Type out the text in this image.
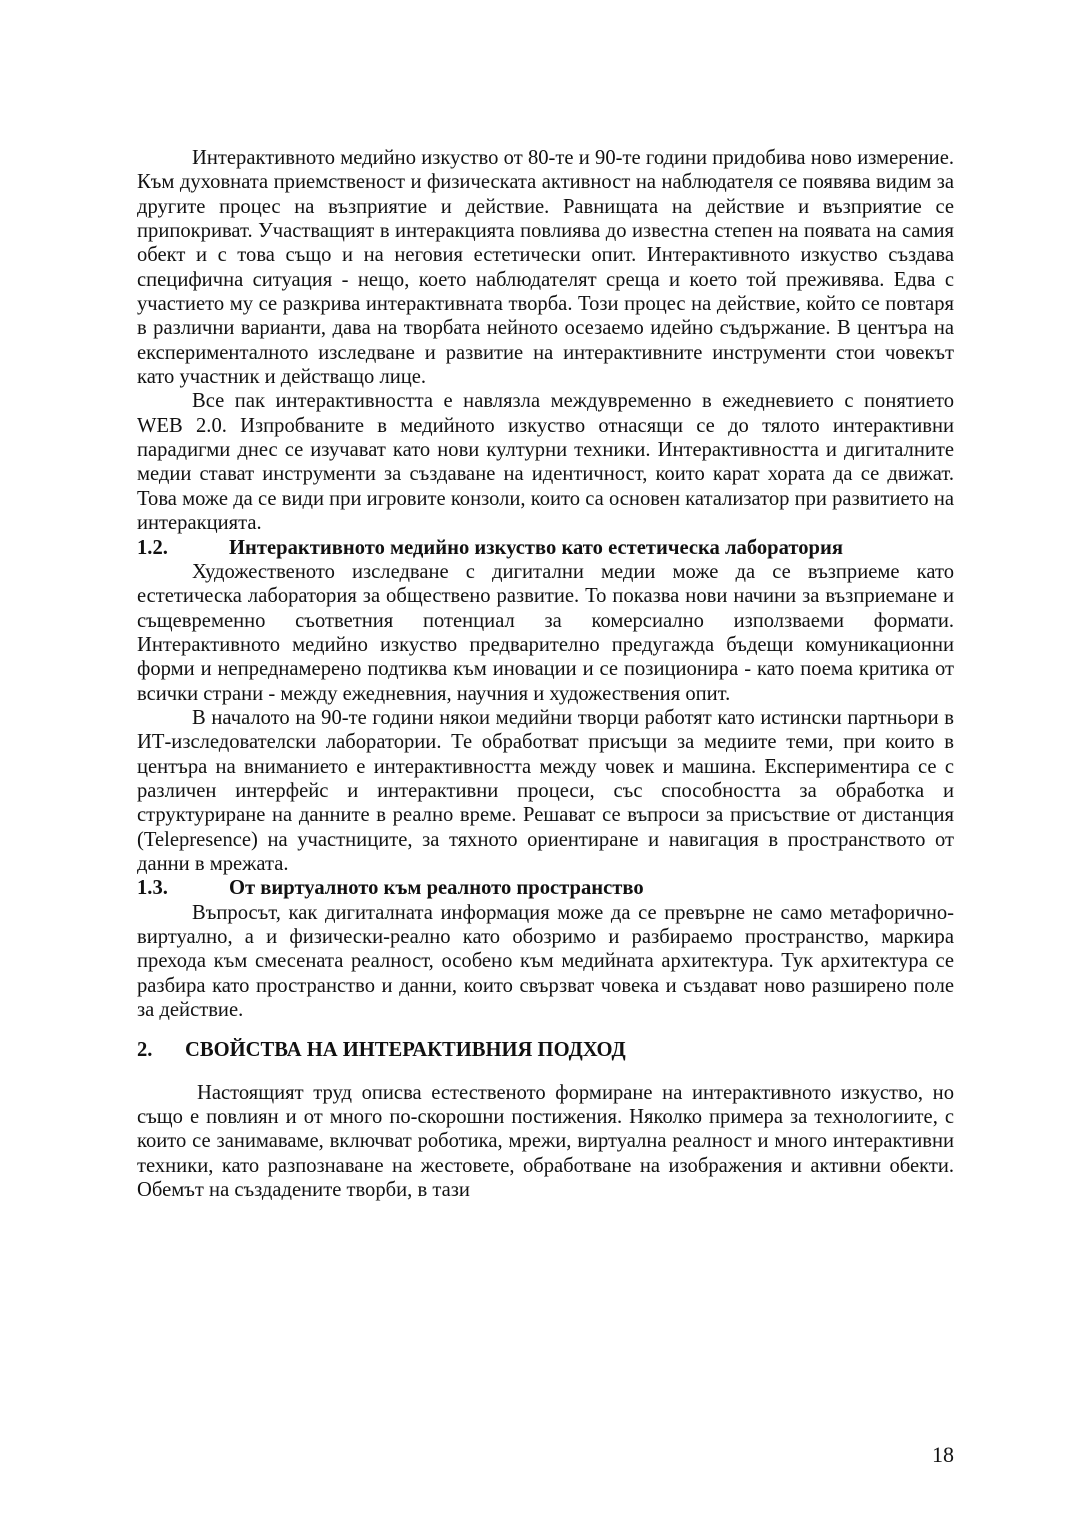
Интерактивното медийно изкуство от 80-те и 90-те години придобива ново измерение. Към духовната приемственост и физическата активност на наблюдателя се появява видим за другите процес на възприятие и действие. Равнищата на действие и възприятие се припокриват. Участващият в интеракцията повлиява до известна степен на появата на самия обект и с това също и на неговия естетически опит. Интерактивното изкуство създава специфична ситуация - нещо, което наблюдателят среща и което той преживява. Едва с участието му се разкрива интерактивната творба. Този процес на действие, който се повтаря в различни варианти, дава на творбата нейното осезаемо идейно съдържание. В центъра на експерименталното изследване и развитие на интерактивните инструменти стои човекът като участник и действащо лице.

Все пак интерактивността е навлязла междувременно в ежедневието с понятието WEB 2.0. Изпробваните в медийното изкуство отнасящи се до тялото интерактивни парадигми днес се изучават като нови културни техники. Интерактивността и дигиталните медии стават инструменти за създаване на идентичност, които карат хората да се движат. Това може да се види при игровите конзоли, които са основен катализатор при развитието на интеракцията.

1.2.	Интерактивното медийно изкуство като естетическа лаборатория

Художественото изследване с дигитални медии може да се възприеме като естетическа лаборатория за обществено развитие. То показва нови начини за възприемане и същевременно съответния потенциал за комерсиално използваеми формати. Интерактивното медийно изкуство предварително предугажда бъдещи комуникационни форми и непреднамерено подтиква към иновации и се позиционира - като поема критика от всички страни - между ежедневния, научния и художествения опит.

В началото на 90-те години някои медийни творци работят като истински партньори в ИТ-изследователски лаборатории. Те обработват присъщи за медиите теми, при които в центъра на вниманието е интерактивността между човек и машина. Експериментира се с различен интерфейс и интерактивни процеси, със способността за обработка и структуриране на данните в реално време. Решават се въпроси за присъствие от дистанция (Telepresence) на участниците, за тяхното ориентиране и навигация в пространството от данни в мрежата.

1.3.	От виртуалното към реалното пространство

Въпросът, как дигиталната информация може да се превърне не само метафорично-виртуално, а и физически-реално като обозримо и разбираемо пространство, маркира прехода към смесената реалност, особено към медийната архитектура. Тук архитектура се разбира като пространство и данни, които свързват човека и създават ново разширено поле за действие.

2.	СВОЙСТВА НА ИНТЕРАКТИВНИЯ ПОДХОД

Настоящият труд описва естественото формиране на интерактивното изкуство, но също е повлиян и от много по-скорошни постижения. Няколко примера за технологиите, с които се занимаваме, включват роботика, мрежи, виртуална реалност и много интерактивни техники, като разпознаване на жестовете, обработване на изображения и активни обекти. Обемът на създадените творби, в тази

18
